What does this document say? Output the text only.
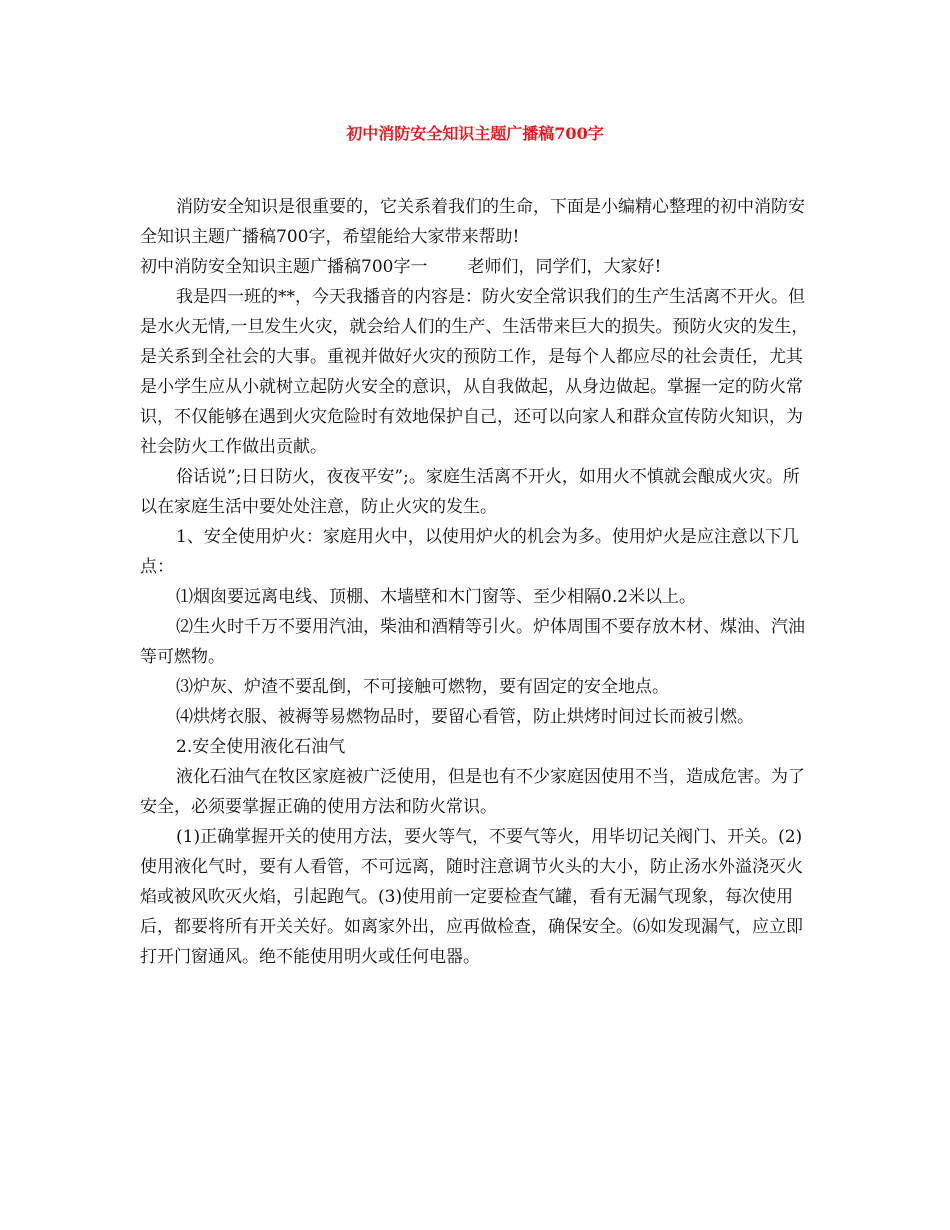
初中消防安全知识主题广播稿700字

消防安全知识是很重要的，它关系着我们的生命，下面是小编精心整理的初中消防安全知识主题广播稿700字，希望能给大家带来帮助!

初中消防安全知识主题广播稿700字一 老师们，同学们，大家好!

我是四一班的**，今天我播音的内容是：防火安全常识我们的生产生活离不开火。但是水火无情,一旦发生火灾，就会给人们的生产、生活带来巨大的损失。预防火灾的发生，是关系到全社会的大事。重视并做好火灾的预防工作，是每个人都应尽的社会责任，尤其是小学生应从小就树立起防火安全的意识，从自我做起，从身边做起。掌握一定的防火常识，不仅能够在遇到火灾危险时有效地保护自己，还可以向家人和群众宣传防火知识，为社会防火工作做出贡献。

俗话说”;日日防火，夜夜平安”;。家庭生活离不开火，如用火不慎就会酿成火灾。所以在家庭生活中要处处注意，防止火灾的发生。

1、安全使用炉火：家庭用火中，以使用炉火的机会为多。使用炉火是应注意以下几点：

⑴烟囱要远离电线、顶棚、木墙壁和木门窗等、至少相隔0.2米以上。

⑵生火时千万不要用汽油，柴油和酒精等引火。炉体周围不要存放木材、煤油、汽油等可燃物。

⑶炉灰、炉渣不要乱倒，不可接触可燃物，要有固定的安全地点。

⑷烘烤衣服、被褥等易燃物品时，要留心看管，防止烘烤时间过长而被引燃。

2.安全使用液化石油气

液化石油气在牧区家庭被广泛使用，但是也有不少家庭因使用不当，造成危害。为了安全，必须要掌握正确的使用方法和防火常识。

(1)正确掌握开关的使用方法，要火等气，不要气等火，用毕切记关阀门、开关。(2)使用液化气时，要有人看管，不可远离，随时注意调节火头的大小，防止汤水外溢浇灭火焰或被风吹灭火焰，引起跑气。(3)使用前一定要检查气罐，看有无漏气现象，每次使用后，都要将所有开关关好。如离家外出，应再做检查，确保安全。⑹如发现漏气，应立即打开门窗通风。绝不能使用明火或任何电器。
